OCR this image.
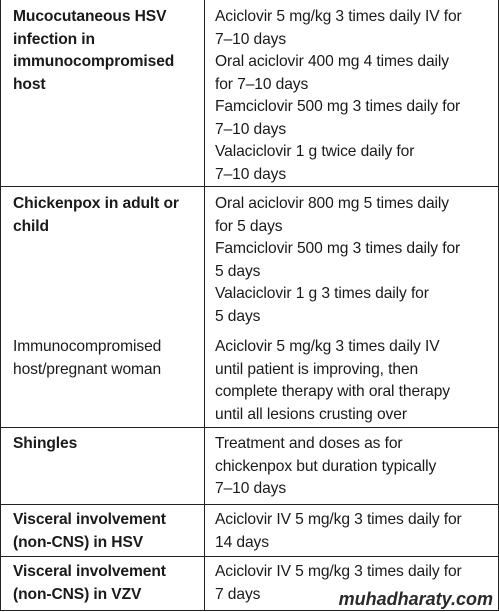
Mucocutaneous HSV
infection in
immunocompromised
host
Aciclovir 5 mg/kg 3 times daily IV for
7–10 days
Oral aciclovir 400 mg 4 times daily
for 7–10 days
Famciclovir 500 mg 3 times daily for
7–10 days
Valaciclovir 1 g twice daily for
7–10 days
Chickenpox in adult or
child
Oral aciclovir 800 mg 5 times daily
for 5 days
Famciclovir 500 mg 3 times daily for
5 days
Valaciclovir 1 g 3 times daily for
5 days
Immunocompromised
host/pregnant woman
Aciclovir 5 mg/kg 3 times daily IV
until patient is improving, then
complete therapy with oral therapy
until all lesions crusting over
Shingles	Treatment and doses as for
chickenpox but duration typically
7–10 days
Visceral involvement
(non-CNS) in HSV
Aciclovir IV 5 mg/kg 3 times daily for
14 days
Visceral involvement
(non-CNS) in VZV
Aciclovir IV 5 mg/kg 3 times daily for
7 days	muhadharaty.com
